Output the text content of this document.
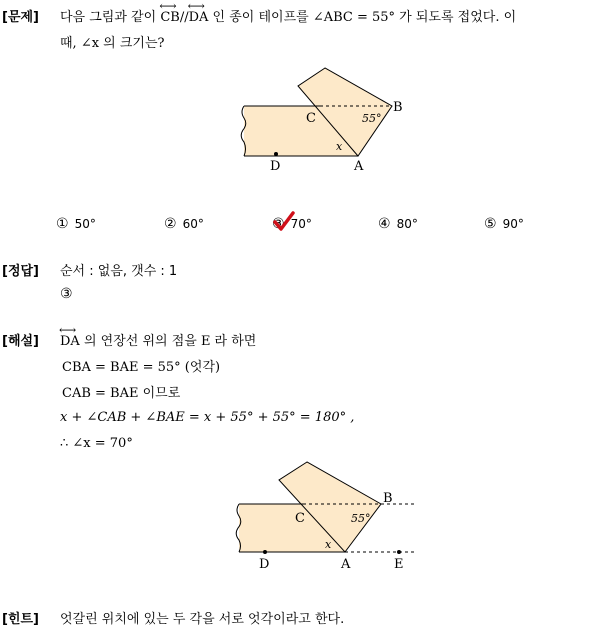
[문제] 다음 그림과 같이 ⟷ CB//⟷ DA 인 종이 테이프를 ∠ABC = 55° 가 되도록 접었다. 이
때, ∠x 의 크기는?
B
C
A
D
55°
x
① 50°	② 60°	③ 70°	④ 80°	⑤ 90°
[정답] 순서 : 없음, 갯수 : 1
③
[해설]
⟷ DA 의 연장선 위의 점을 E 라 하면
CBA = BAE = 55° (엇각)
CAB = BAE 이므로
x + ∠CAB + ∠BAE = x + 55° + 55° = 180° ,
∴ ∠x = 70°
B
C
A
D	E
55°
x
[힌트] 엇갈린 위치에 있는 두 각을 서로 엇각이라고 한다.
